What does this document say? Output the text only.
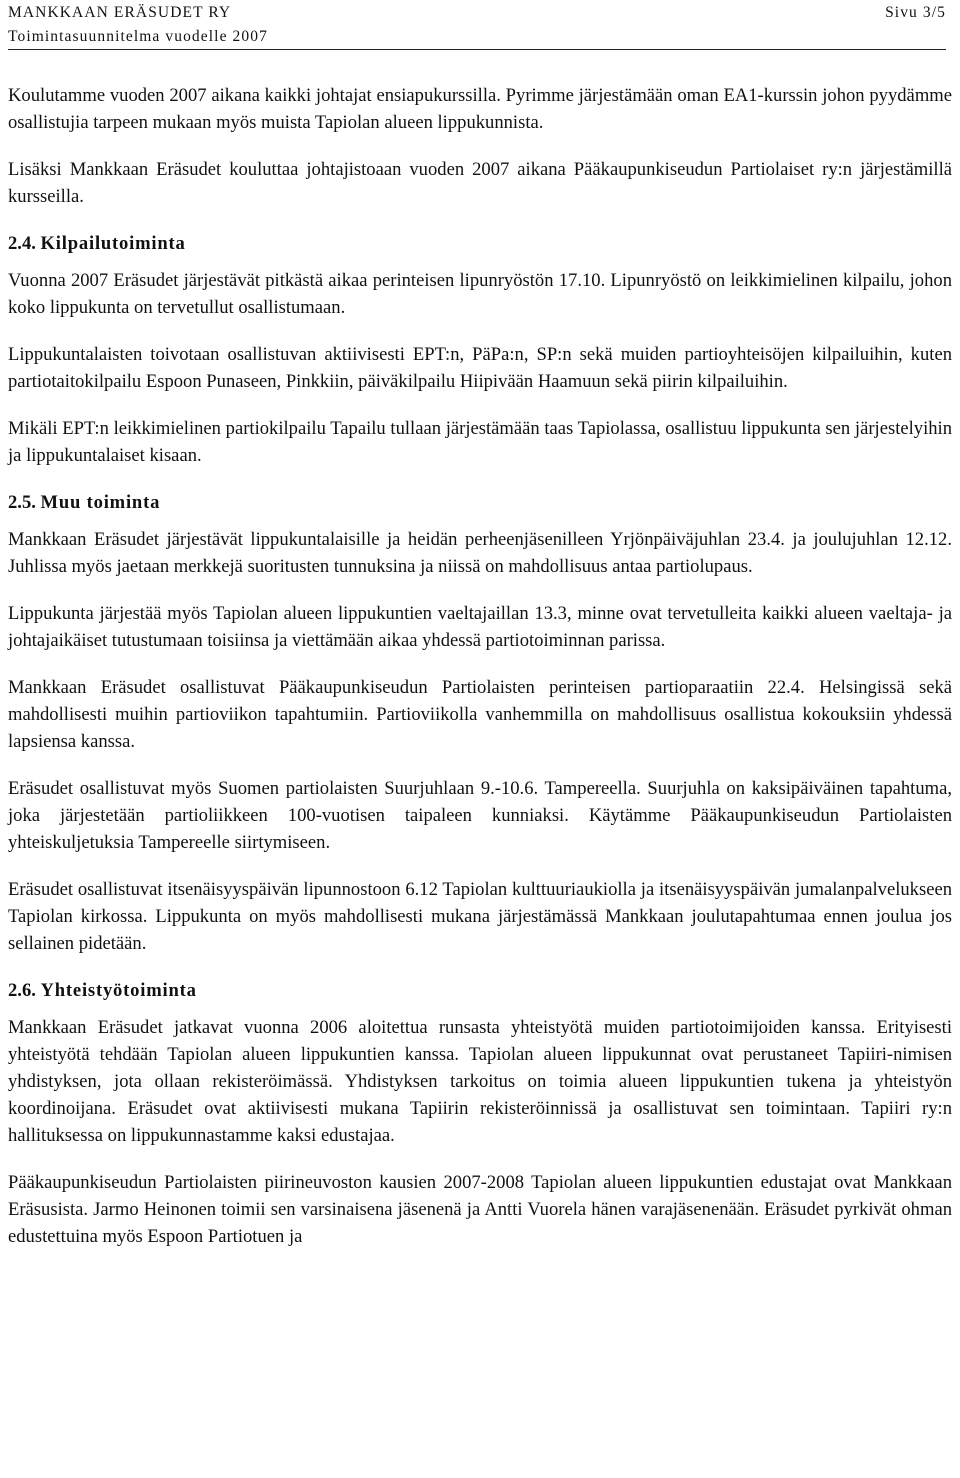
MANKKAAN ERÄSUDET RY
Toimintasuunnitelma vuodelle 2007
Sivu 3/5

Koulutamme vuoden 2007 aikana kaikki johtajat ensiapukurssilla. Pyrimme järjestämään oman EA1-kurssin johon pyydämme osallistujia tarpeen mukaan myös muista Tapiolan alueen lippukunnista.

Lisäksi Mankkaan Eräsudet kouluttaa johtajistoaan vuoden 2007 aikana Pääkaupunkiseudun Partiolaiset ry:n järjestämillä kursseilla.

2.4. Kilpailutoiminta

Vuonna 2007 Eräsudet järjestävät pitkästä aikaa perinteisen lipunryöstön 17.10. Lipunryöstö on leikkimielinen kilpailu, johon koko lippukunta on tervetullut osallistumaan.

Lippukuntalaisten toivotaan osallistuvan aktiivisesti EPT:n, PäPa:n, SP:n sekä muiden partioyhteisöjen kilpailuihin, kuten partiotaitokilpailu Espoon Punaseen, Pinkkiin, päiväkilpailu Hiipivään Haamuun sekä piirin kilpailuihin.

Mikäli EPT:n leikkimielinen partiokilpailu Tapailu tullaan järjestämään taas Tapiolassa, osallistuu lippukunta sen järjestelyihin ja lippukuntalaiset kisaan.

2.5. Muu toiminta

Mankkaan Eräsudet järjestävät lippukuntalaisille ja heidän perheenjäsenilleen Yrjönpäiväjuhlan 23.4. ja joulujuhlan 12.12. Juhlissa myös jaetaan merkkejä suoritusten tunnuksina ja niissä on mahdollisuus antaa partiolupaus.

Lippukunta järjestää myös Tapiolan alueen lippukuntien vaeltajaillan 13.3, minne ovat tervetulleita kaikki alueen vaeltaja- ja johtajaikäiset tutustumaan toisiinsa ja viettämään aikaa yhdessä partiotoiminnan parissa.

Mankkaan Eräsudet osallistuvat Pääkaupunkiseudun Partiolaisten perinteisen partioparaatiin 22.4. Helsingissä sekä mahdollisesti muihin partioviikon tapahtumiin. Partioviikolla vanhemmilla on mahdollisuus osallistua kokouksiin yhdessä lapsiensa kanssa.

Eräsudet osallistuvat myös Suomen partiolaisten Suurjuhlaan 9.-10.6. Tampereella. Suurjuhla on kaksipäiväinen tapahtuma, joka järjestetään partioliikkeen 100-vuotisen taipaleen kunniaksi. Käytämme Pääkaupunkiseudun Partiolaisten yhteiskuljetuksia Tampereelle siirtymiseen.

Eräsudet osallistuvat itsenäisyyspäivän lipunnostoon 6.12 Tapiolan kulttuuriaukiolla ja itsenäisyyspäivän jumalanpalvelukseen Tapiolan kirkossa. Lippukunta on myös mahdollisesti mukana järjestämässä Mankkaan joulutapahtumaa ennen joulua jos sellainen pidetään.

2.6. Yhteistyötoiminta

Mankkaan Eräsudet jatkavat vuonna 2006 aloitettua runsasta yhteistyötä muiden partiotoimijoiden kanssa. Erityisesti yhteistyötä tehdään Tapiolan alueen lippukuntien kanssa. Tapiolan alueen lippukunnat ovat perustaneet Tapiiri-nimisen yhdistyksen, jota ollaan rekisteröimässä. Yhdistyksen tarkoitus on toimia alueen lippukuntien tukena ja yhteistyön koordinoijana. Eräsudet ovat aktiivisesti mukana Tapiirin rekisteröinnissä ja osallistuvat sen toimintaan. Tapiiri ry:n hallituksessa on lippukunnastamme kaksi edustajaa.

Pääkaupunkiseudun Partiolaisten piirineuvoston kausien 2007-2008 Tapiolan alueen lippukuntien edustajat ovat Mankkaan Eräsusista. Jarmo Heinonen toimii sen varsinaisena jäsenenä ja Antti Vuorela hänen varajäsenenään. Eräsudet pyrkivät ohman edustettuina myös Espoon Partiotuen ja
